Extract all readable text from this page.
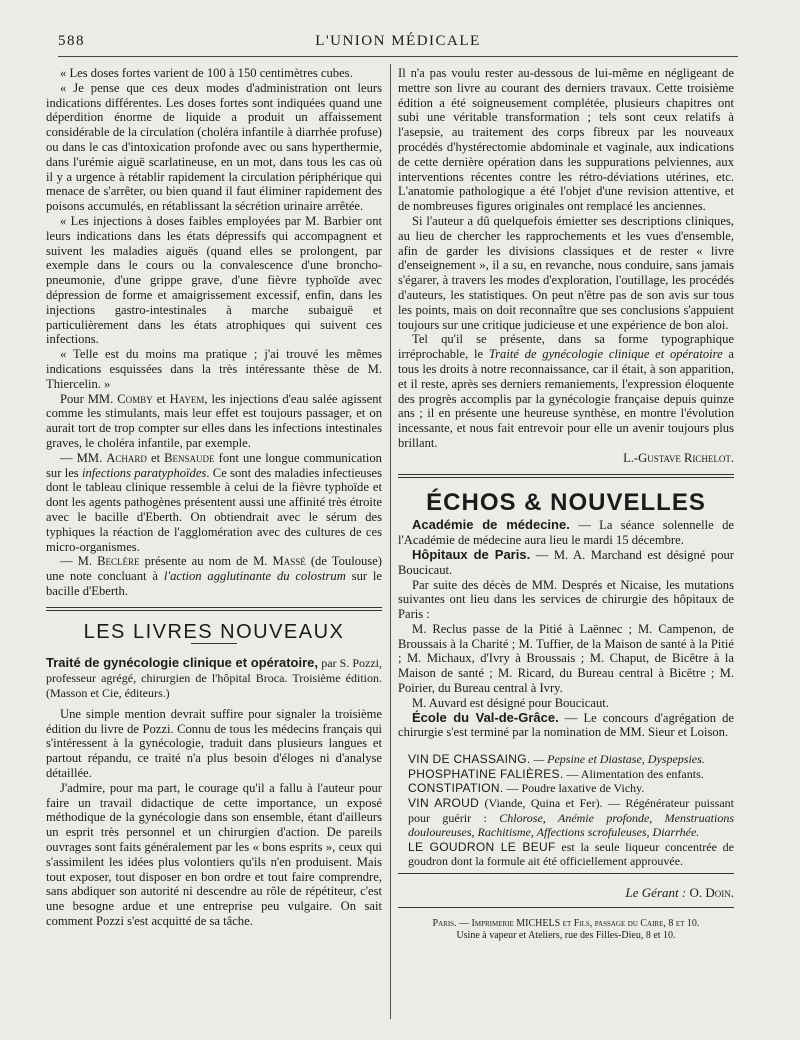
588	L'UNION MÉDICALE

« Les doses fortes varient de 100 à 150 centimètres cubes.

« Je pense que ces deux modes d'administration ont leurs indications différentes. Les doses fortes sont indiquées quand une déperdition énorme de liquide a produit un affaissement considérable de la circulation (choléra infantile à diarrhée profuse) ou dans le cas d'intoxication profonde avec ou sans hyperthermie, dans l'urémie aiguë scarlatineuse, en un mot, dans tous les cas où il y a urgence à rétablir rapidement la circulation périphérique qui menace de s'arrêter, ou bien quand il faut éliminer rapidement des poisons accumulés, en rétablissant la sécrétion urinaire arrêtée.

« Les injections à doses faibles employées par M. Barbier ont leurs indications dans les états dépressifs qui accompagnent et suivent les maladies aiguës (quand elles se prolongent, par exemple dans le cours ou la convalescence d'une broncho-pneumonie, d'une grippe grave, d'une fièvre typhoïde avec dépression de forme et amaigrissement excessif, enfin, dans les injections gastro-intestinales à marche subaiguë et particulièrement dans les états atrophiques qui suivent ces infections.

« Telle est du moins ma pratique ; j'ai trouvé les mêmes indications esquissées dans la très intéressante thèse de M. Thiercelin. »

Pour MM. Comby et Hayem, les injections d'eau salée agissent comme les stimulants, mais leur effet est toujours passager, et on aurait tort de trop compter sur elles dans les infections intestinales graves, le choléra infantile, par exemple.

— MM. Achard et Bensaude font une longue communication sur les infections paratyphoïdes. Ce sont des maladies infectieuses dont le tableau clinique ressemble à celui de la fièvre typhoïde et dont les agents pathogènes présentent aussi une affinité très étroite avec le bacille d'Eberth. On obtiendrait avec le sérum des typhiques la réaction de l'agglomération avec des cultures de ces micro-organismes.

— M. Beclère présente au nom de M. Massé (de Toulouse) une note concluant à l'action agglutinante du colostrum sur le bacille d'Eberth.

LES LIVRES NOUVEAUX

Traité de gynécologie clinique et opératoire, par S. Pozzi, professeur agrégé, chirurgien de l'hôpital Broca. Troisième édition. (Masson et Cie, éditeurs.)

Une simple mention devrait suffire pour signaler la troisième édition du livre de Pozzi. Connu de tous les médecins français qui s'intéressent à la gynécologie, traduit dans plusieurs langues et partout répandu, ce traité n'a plus besoin d'éloges ni d'analyse détaillée.

J'admire, pour ma part, le courage qu'il a fallu à l'auteur pour faire un travail didactique de cette importance, un exposé méthodique de la gynécologie dans son ensemble, étant d'ailleurs un esprit très personnel et un chirurgien d'action. De pareils ouvrages sont faits généralement par les « bons esprits », ceux qui s'assimilent les idées plus volontiers qu'ils n'en produisent. Mais tout exposer, tout disposer en bon ordre et tout faire comprendre, sans abdiquer son autorité ni descendre au rôle de répétiteur, c'est une besogne ardue et une entreprise peu vulgaire. On sait comment Pozzi s'est acquitté de sa tâche.

Il n'a pas voulu rester au-dessous de lui-même en négligeant de mettre son livre au courant des derniers travaux. Cette troisième édition a été soigneusement complétée, plusieurs chapitres ont subi une véritable transformation ; tels sont ceux relatifs à l'asepsie, au traitement des corps fibreux par les nouveaux procédés d'hystérectomie abdominale et vaginale, aux indications de cette dernière opération dans les suppurations pelviennes, aux interventions récentes contre les rétro-déviations utérines, etc. L'anatomie pathologique a été l'objet d'une revision attentive, et de nombreuses figures originales ont remplacé les anciennes.

Si l'auteur a dû quelquefois émietter ses descriptions cliniques, au lieu de chercher les rapprochements et les vues d'ensemble, afin de garder les divisions classiques et de rester « livre d'enseignement », il a su, en revanche, nous conduire, sans jamais s'égarer, à travers les modes d'exploration, l'outillage, les procédés d'auteurs, les statistiques. On peut n'être pas de son avis sur tous les points, mais on doit reconnaître que ses conclusions s'appuient toujours sur une critique judicieuse et une expérience de bon aloi.

Tel qu'il se présente, dans sa forme typographique irréprochable, le Traité de gynécologie clinique et opératoire a tous les droits à notre reconnaissance, car il était, à son apparition, et il reste, après ses derniers remaniements, l'expression éloquente des progrès accomplis par la gynécologie française depuis quinze ans ; il en présente une heureuse synthèse, en montre l'évolution incessante, et nous fait entrevoir pour elle un avenir toujours plus brillant.

L.-Gustave Richelot.
ÉCHOS & NOUVELLES

Académie de médecine. — La séance solennelle de l'Académie de médecine aura lieu le mardi 15 décembre.

Hôpitaux de Paris. — M. A. Marchand est désigné pour Boucicaut.

Par suite des décès de MM. Després et Nicaise, les mutations suivantes ont lieu dans les services de chirurgie des hôpitaux de Paris :

M. Reclus passe de la Pitié à Laënnec ; M. Campenon, de Broussais à la Charité ; M. Tuffier, de la Maison de santé à la Pitié ; M. Michaux, d'Ivry à Broussais ; M. Chaput, de Bicêtre à la Maison de santé ; M. Ricard, du Bureau central à Bicêtre ; M. Poirier, du Bureau central à Ivry.

M. Auvard est désigné pour Boucicaut.

École du Val-de-Grâce. — Le concours d'agrégation de chirurgie s'est terminé par la nomination de MM. Sieur et Loison.

VIN DE CHASSAING. — Pepsine et Diastase, Dyspepsies.

PHOSPHATINE FALIÈRES. — Alimentation des enfants.

CONSTIPATION. — Poudre laxative de Vichy.

VIN AROUD (Viande, Quina et Fer). — Régénérateur puissant pour guérir : Chlorose, Anémie profonde, Menstruations douloureuses, Rachitisme, Affections scrofuleuses, Diarrhée.

LE GOUDRON LE BEUF est la seule liqueur concentrée de goudron dont la formule ait été officiellement approuvée.

Le Gérant : O. Doin.
Paris. — Imprimerie MICHELS et Fils, passage du Caire, 8 et 10.
Usine à vapeur et Ateliers, rue des Filles-Dieu, 8 et 10.
